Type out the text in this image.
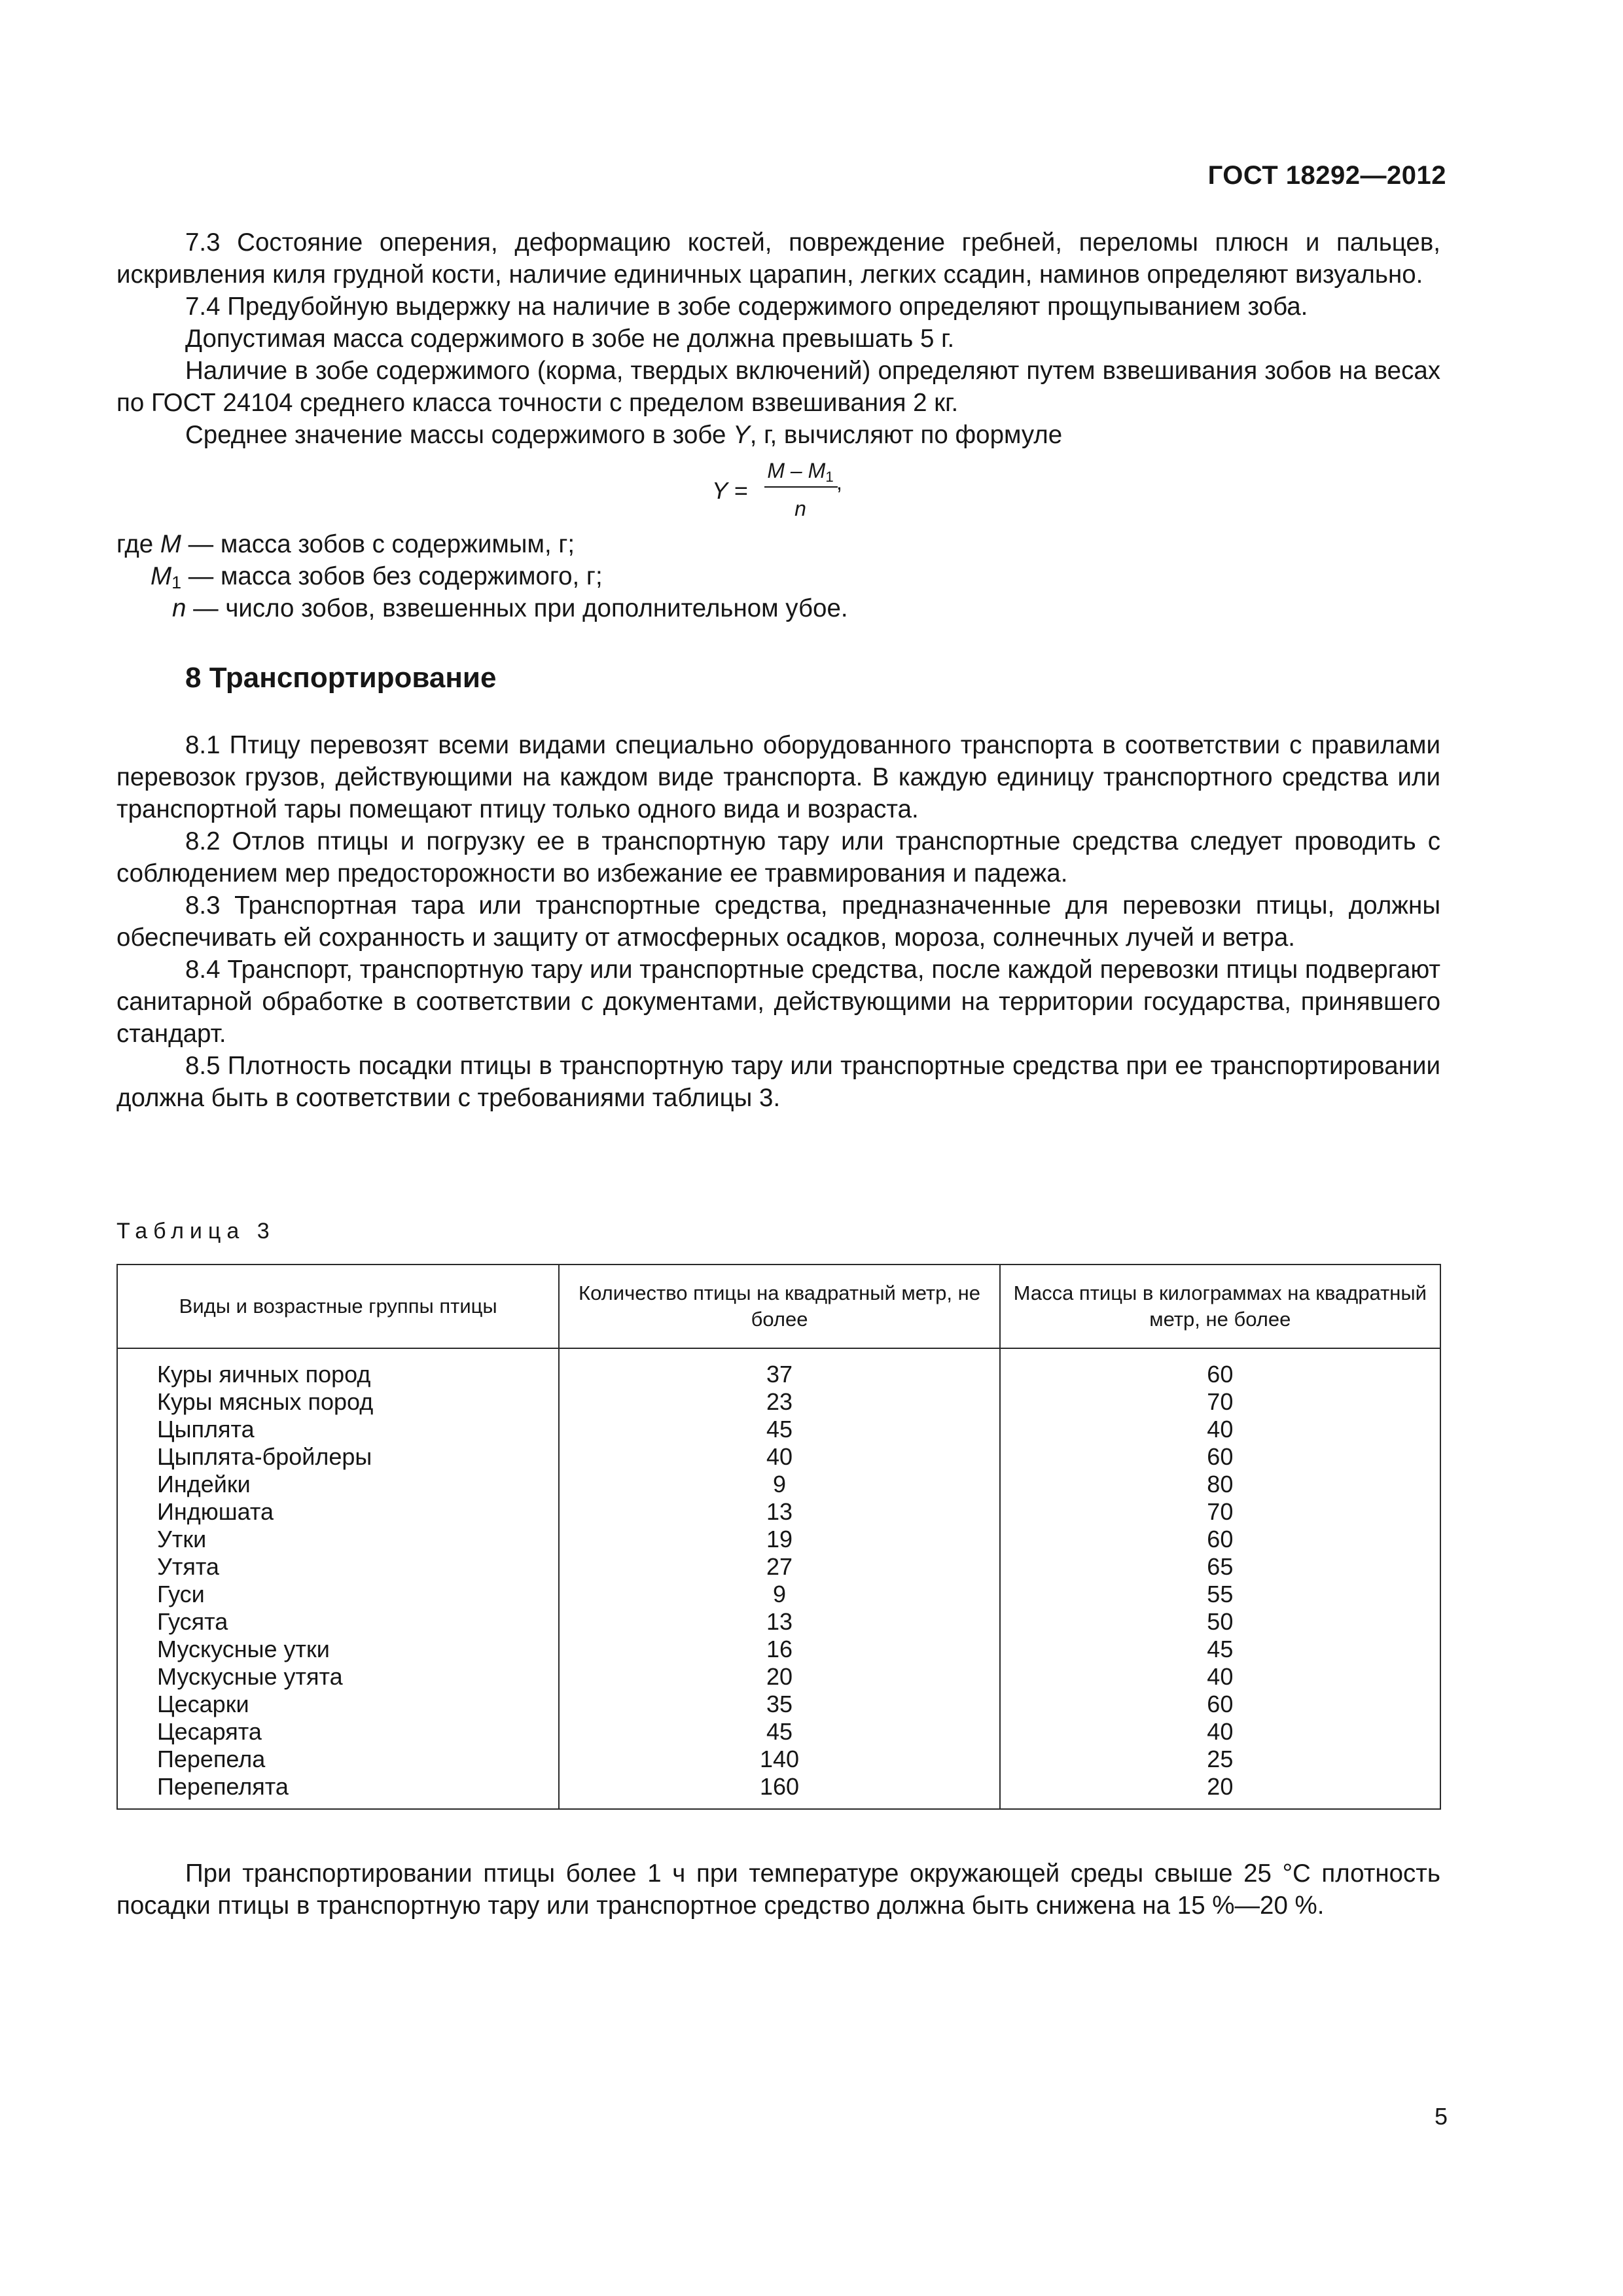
ГОСТ 18292—2012

7.3 Состояние оперения, деформацию костей, повреждение гребней, переломы плюсн и пальцев, искривления киля грудной кости, наличие единичных царапин, легких ссадин, наминов определяют визуально.

7.4 Предубойную выдержку на наличие в зобе содержимого определяют прощупыванием зоба.

Допустимая масса содержимого в зобе не должна превышать 5 г.

Наличие в зобе содержимого (корма, твердых включений) определяют путем взвешивания зобов на весах по ГОСТ 24104 среднего класса точности с пределом взвешивания 2 кг.

Среднее значение массы содержимого в зобе Y, г, вычисляют по формуле

Y =
M – $M_1$
n
,

где M — масса зобов с содержимым, г;

$M_1$ — масса зобов без содержимого, г;

n — число зобов, взвешенных при дополнительном убое.

8 Транспортирование

8.1 Птицу перевозят всеми видами специально оборудованного транспорта в соответствии с правилами перевозок грузов, действующими на каждом виде транспорта. В каждую единицу транспортного средства или транспортной тары помещают птицу только одного вида и возраста.

8.2 Отлов птицы и погрузку ее в транспортную тару или транспортные средства следует проводить с соблюдением мер предосторожности во избежание ее травмирования и падежа.

8.3 Транспортная тара или транспортные средства, предназначенные для перевозки птицы, должны обеспечивать ей сохранность и защиту от атмосферных осадков, мороза, солнечных лучей и ветра.

8.4 Транспорт, транспортную тару или транспортные средства, после каждой перевозки птицы подвергают санитарной обработке в соответствии с документами, действующими на территории государства, принявшего стандарт.

8.5 Плотность посадки птицы в транспортную тару или транспортные средства при ее транспортировании должна быть в соответствии с требованиями таблицы 3.

Таблица 3
Виды и возрастные группы птицы	Количество птицы на квадратный метр, не более	Масса птицы в килограммах на квадратный метр, не более
Куры яичных пород	37	60
Куры мясных пород	23	70
Цыплята	45	40
Цыплята-бройлеры	40	60
Индейки	9	80
Индюшата	13	70
Утки	19	60
Утята	27	65
Гуси	9	55
Гусята	13	50
Мускусные утки	16	45
Мускусные утята	20	40
Цесарки	35	60
Цесарята	45	40
Перепела	140	25
Перепелята	160	20

При транспортировании птицы более 1 ч при температуре окружающей среды свыше 25 °С плотность посадки птицы в транспортную тару или транспортное средство должна быть снижена на 15 %—20 %.

5
